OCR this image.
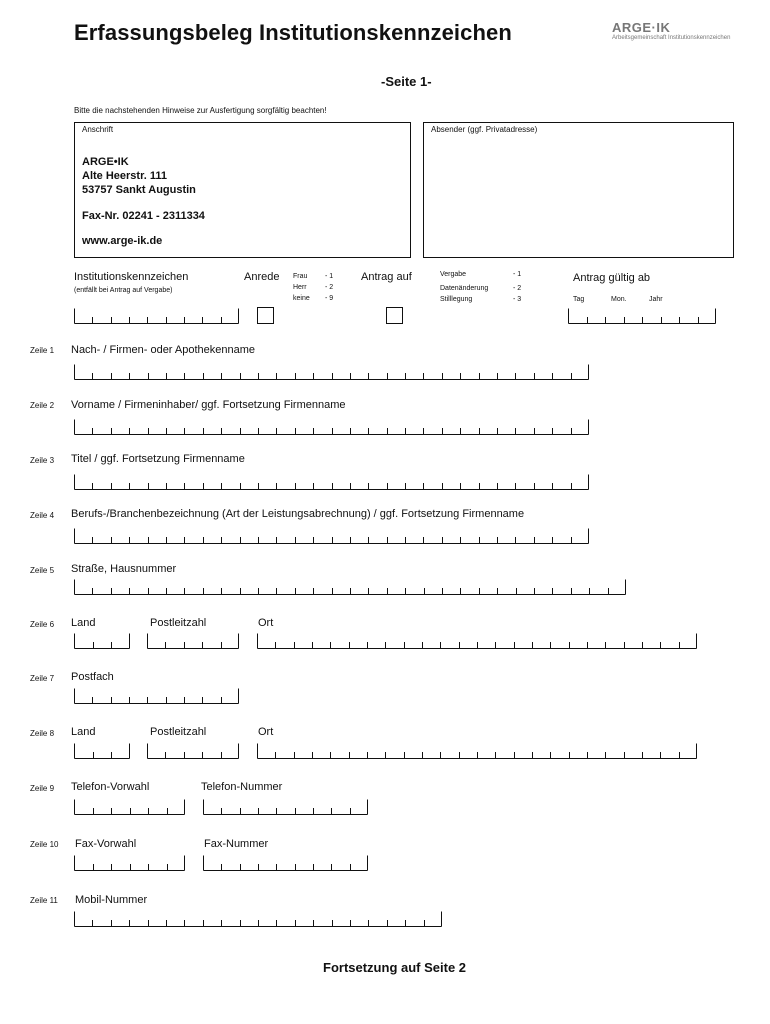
Erfassungsbeleg Institutionskennzeichen	ARGE·IK
Arbeitsgemeinschaft Institutionskennzeichen
-Seite 1-
Bitte die nachstehenden Hinweise zur Ausfertigung sorgfältig beachten!
Anschrift
ARGE•IK
Alte Heerstr. 111
53757 Sankt Augustin
Fax-Nr. 02241 - 2311334
www.arge-ik.de
Absender (ggf. Privatadresse)
Institutionskennzeichen
(entfällt bei Antrag auf Vergabe)
Anrede Frau	- 1
Herr	- 2
keine - 9
Antrag auf	Vergabe	- 1
Datenänderung	- 2
Stilllegung	- 3
Antrag gültig ab
Tag	Mon.	Jahr
Zeile 1 Nach- / Firmen- oder Apothekenname
Zeile 2 Vorname / Firmeninhaber/ ggf. Fortsetzung Firmenname
Zeile 3 Titel / ggf. Fortsetzung Firmenname
Zeile 4 Berufs-/Branchenbezeichnung (Art der Leistungsabrechnung) / ggf. Fortsetzung Firmenname
Zeile 5 Straße, Hausnummer
Zeile 6 Land	Postleitzahl	Ort
Zeile 7 Postfach
Zeile 8 Land	Postleitzahl	Ort
Zeile 9 Telefon-Vorwahl	Telefon-Nummer
Zeile 10 Fax-Vorwahl	Fax-Nummer
Zeile 11 Mobil-Nummer
Fortsetzung auf Seite 2
